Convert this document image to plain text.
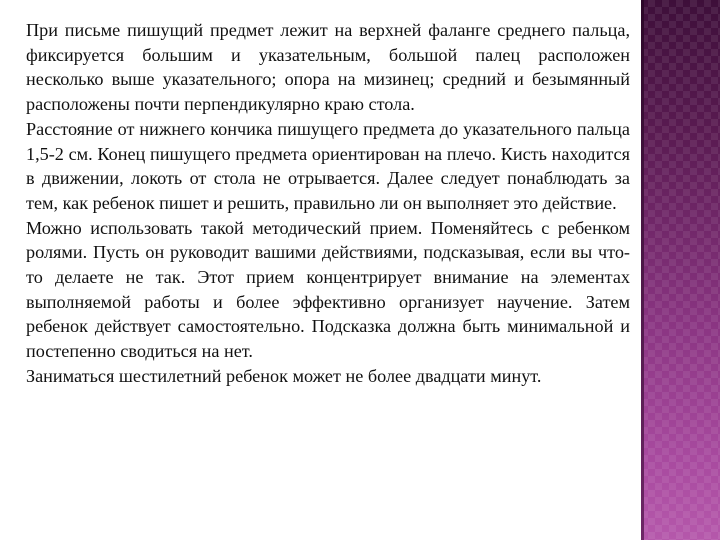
При письме пишущий предмет лежит на верхней фаланге среднего пальца, фиксируется большим и указательным, большой палец расположен несколько выше указательного; опора на мизинец; средний и безымянный расположены почти перпендикулярно краю стола.

Расстояние от нижнего кончика пишущего предмета до указательного пальца 1,5-2 см. Конец пишущего предмета ориентирован на плечо. Кисть находится в движении, локоть от стола не отрывается. Далее следует понаблюдать за тем, как ребенок пишет и решить, правильно ли он выполняет это действие.

Можно использовать такой методический прием. Поменяйтесь с ребенком ролями. Пусть он руководит вашими действиями, подсказывая, если вы что-то делаете не так. Этот прием концентрирует внимание на элементах выполняемой работы и более эффективно организует научение. Затем ребенок действует самостоятельно. Подсказка должна быть минимальной и постепенно сводиться на нет.

Заниматься шестилетний ребенок может не более двадцати минут.
